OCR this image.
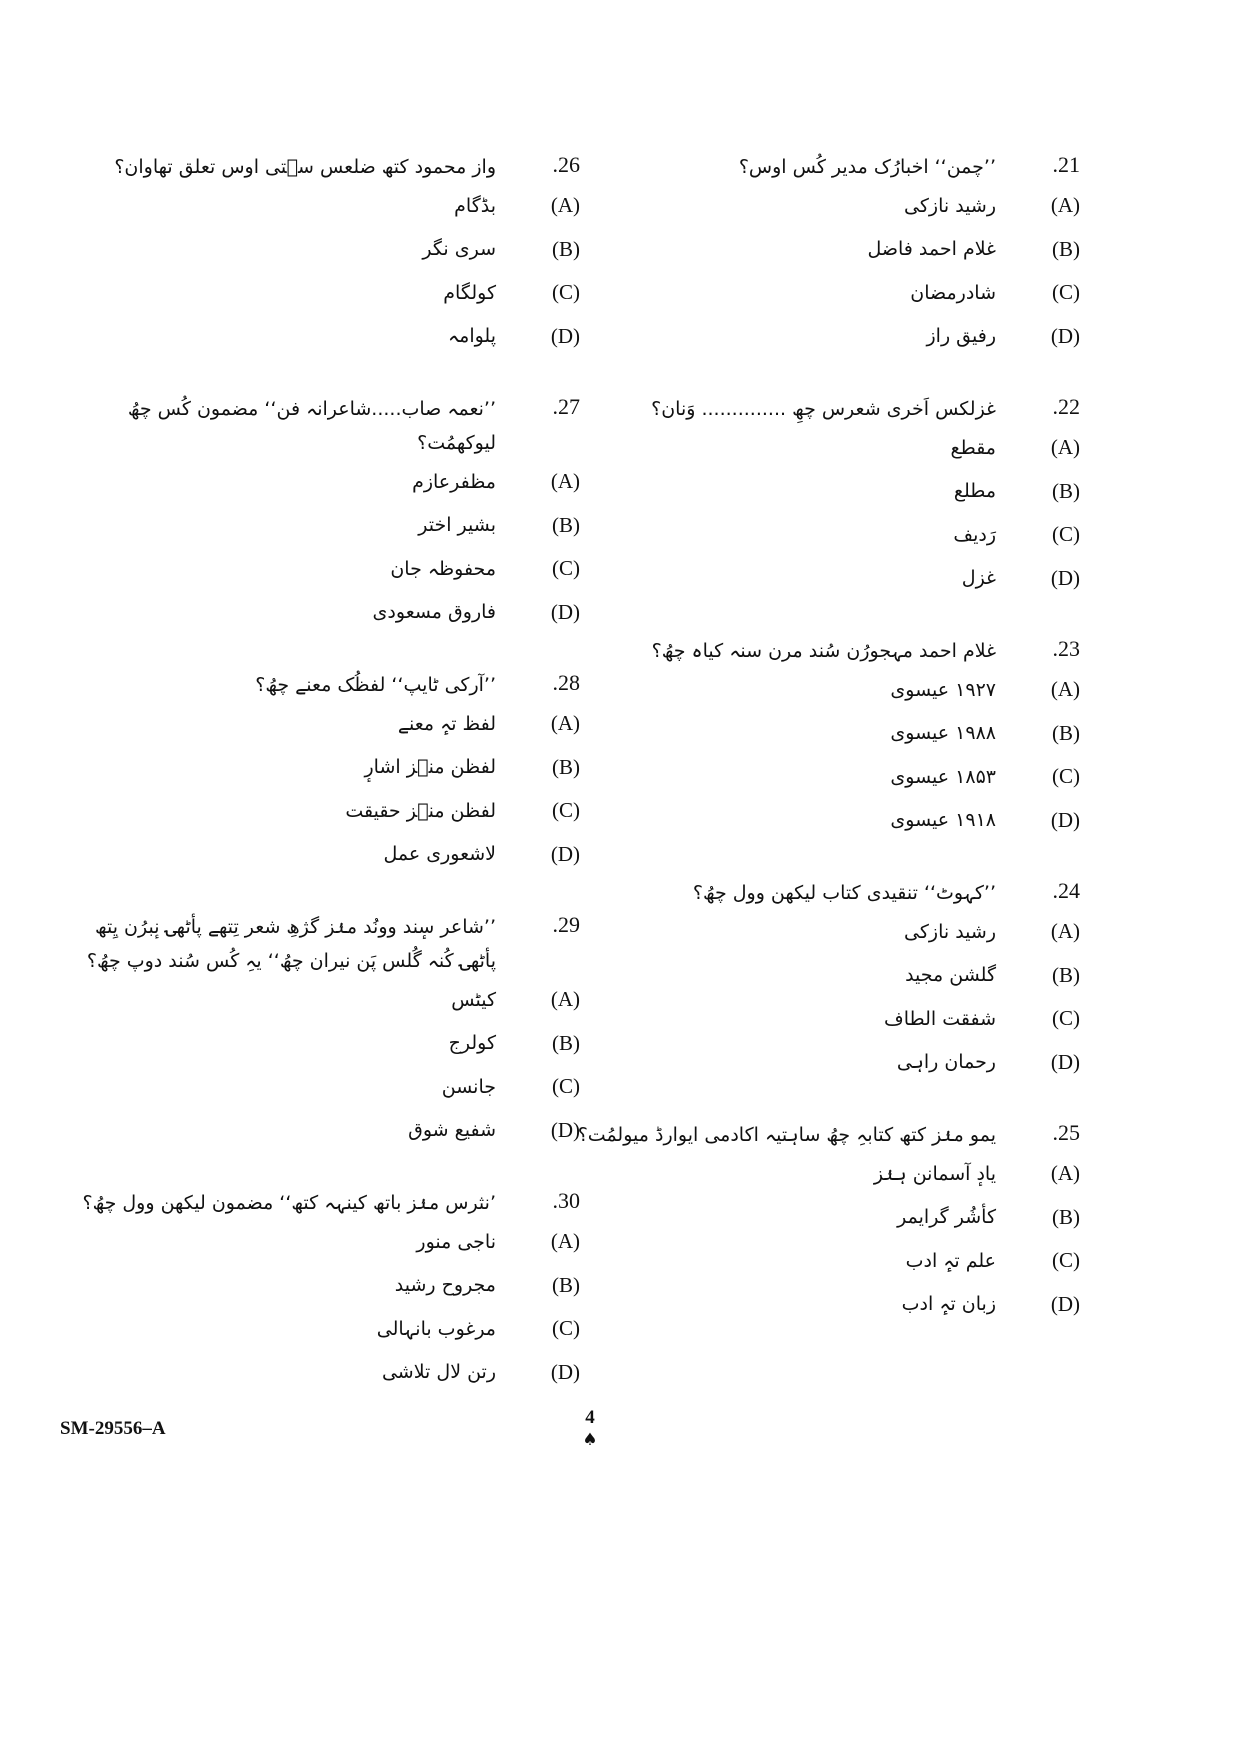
21.
’’چمن‘‘ اخبارُک مدیر کُس اوس؟
(A)
رشید نازکی
(B)
غلام احمد فاضل
(C)
شادرمضان
(D)
رفیق راز
22.
غزلکس اَخری شعرس چھِ .............. وَنان؟
(A)
مقطع
(B)
مطلع
(C)
رَدیف
(D)
غزل
23.
غلام احمد مہجورُن سُند مرن سنہ کیاہ چھُ؟
(A)
۱۹۲۷ عیسوی
(B)
۱۹۸۸ عیسوی
(C)
۱۸۵۳ عیسوی
(D)
۱۹۱۸ عیسوی
24.
’’کہوٹ‘‘ تنقیدی کتاب لیکھن وول چھُ؟
(A)
رشید نازکی
(B)
گلشن مجید
(C)
شفقت الطاف
(D)
رحمان راہی
25.
یمو منٛز کتھ کتابہِ چھُ ساہتیہ اکادمی ایوارڈ میولمُت؟
(A)
یادٕ آسمانن ہنٛز
(B)
کأشُر گرایمر
(C)
علم تہٕ ادب
(D)
زبان تہٕ ادب
26.
واز محمود کتھ ضلعس سٟتی اوس تعلق تھاوان؟
(A)
بڈگام
(B)
سری نگر
(C)
کولگام
(D)
پلوامہ
27.
’’نعمہ صاب.....شاعرانہ فن‘‘ مضمون کُس چھُ لیوکھمُت؟
(A)
مظفرعازم
(B)
بشیر اختر
(C)
محفوظہ جان
(D)
فاروق مسعودی
28.
’’آرکی ٹایپ‘‘ لفظُک معنے چھُ؟
(A)
لفظ تہٕ معنے
(B)
لفظن منٛز اشارٕ
(C)
لفظن منٛز حقیقت
(D)
لاشعوری عمل
29.
’’شاعر سٕند وونُد منٛز گژھِ شعر تِتھے پأٹھۍ نٕبرُن یِتھ پأٹھۍ کُنہ گُلس پَن نیران چھُ‘‘ یہِ کُس سُند دوپ چھُ؟
(A)
کیٹس
(B)
کولرج
(C)
جانسن
(D)
شفیع شوق
30.
’نثرس منٛز باتھ کینہہ کتھ‘‘ مضمون لیکھن وول چھُ؟
(A)
ناجی منور
(B)
مجروح رشید
(C)
مرغوب بانہالی
(D)
رتن لال تلاشی
SM-29556–A
4
♠
